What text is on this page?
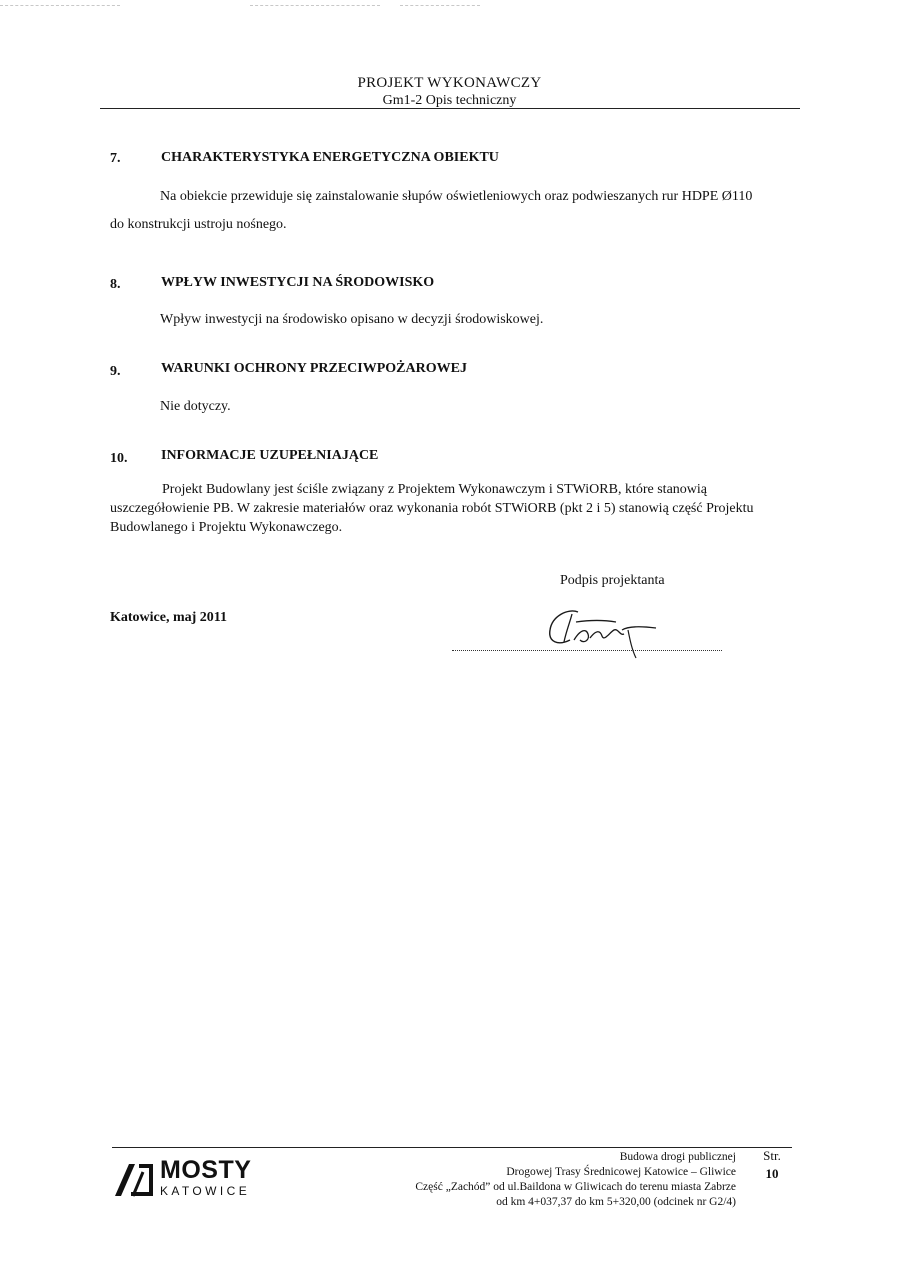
PROJEKT WYKONAWCZY
Gm1-2 Opis techniczny
7.	CHARAKTERYSTYKA ENERGETYCZNA OBIEKTU
Na obiekcie przewiduje się zainstalowanie słupów oświetleniowych oraz podwieszanych rur HDPE Ø110
do konstrukcji ustroju nośnego.
8.	WPŁYW INWESTYCJI NA ŚRODOWISKO
Wpływ inwestycji na środowisko opisano w decyzji środowiskowej.
9.	WARUNKI OCHRONY PRZECIWPOŻAROWEJ
Nie dotyczy.
10. INFORMACJE UZUPEŁNIAJĄCE
Projekt Budowlany jest ściśle związany z Projektem Wykonawczym i STWiORB, które stanowią
uszczegółowienie PB. W zakresie materiałów oraz wykonania robót STWiORB (pkt 2 i 5) stanowią część Projektu
Budowlanego i Projektu Wykonawczego.
Podpis projektanta
Katowice, maj 2011
MOSTY
KATOWICE
Budowa drogi publicznej
Drogowej Trasy Średnicowej Katowice – Gliwice
Część „Zachód” od ul.Baildona w Gliwicach do terenu miasta Zabrze
od km 4+037,37 do km 5+320,00 (odcinek nr G2/4)
Str.
10
